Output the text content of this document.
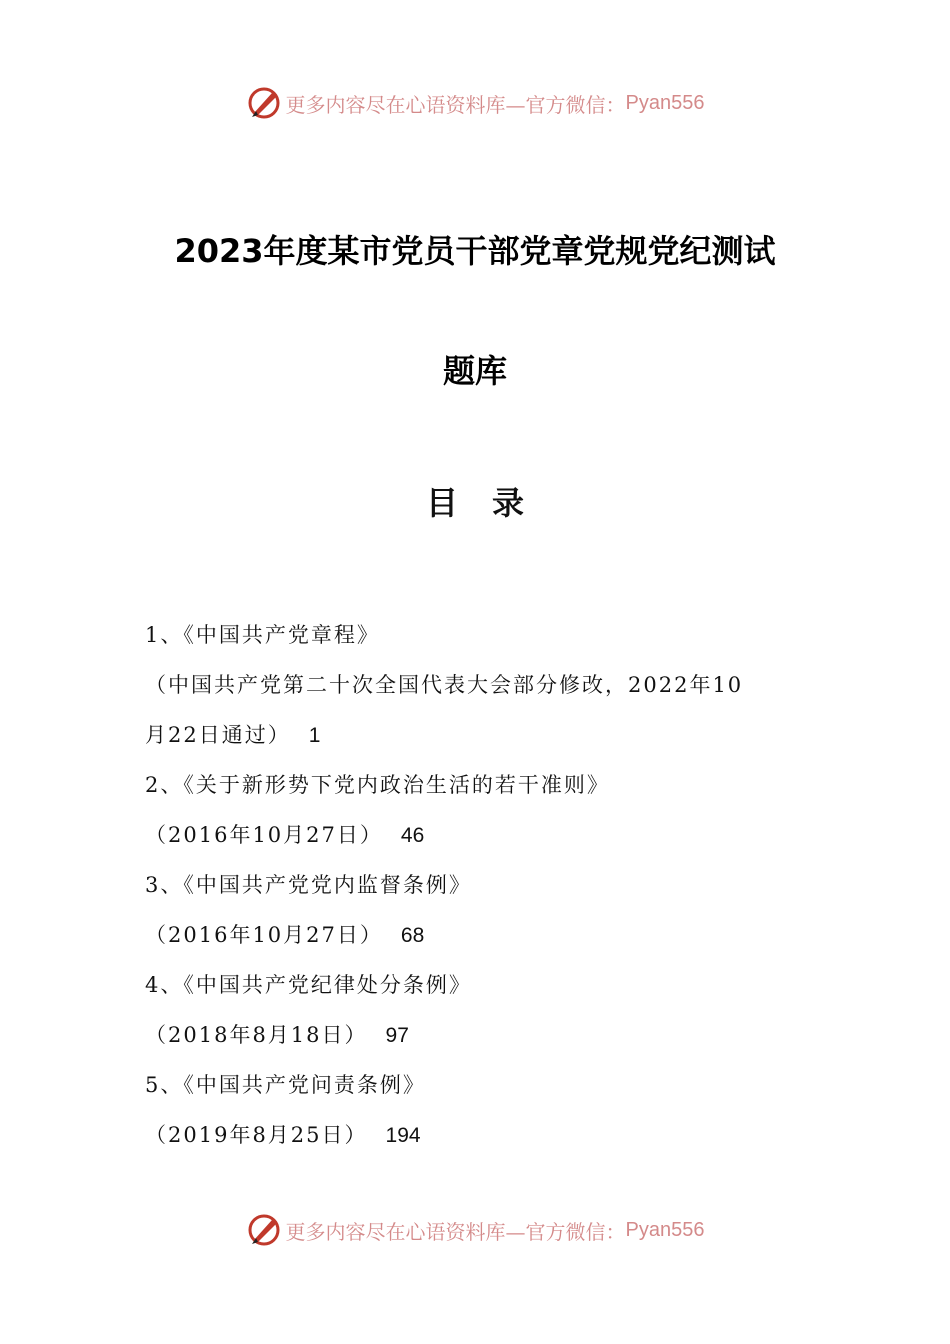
更多内容尽在心语资料库—官方微信： Pyan556
2023年度某市党员干部党章党规党纪测试
题库
目录
1、《中国共产党章程》
（中国共产党第二十次全国代表大会部分修改，2022年10
月22日通过） 1
2、《关于新形势下党内政治生活的若干准则》
（2016年10月27日） 46
3、《中国共产党党内监督条例》
（2016年10月27日） 68
4、《中国共产党纪律处分条例》
（2018年8月18日） 97
5、《中国共产党问责条例》
（2019年8月25日） 194
更多内容尽在心语资料库—官方微信： Pyan556
